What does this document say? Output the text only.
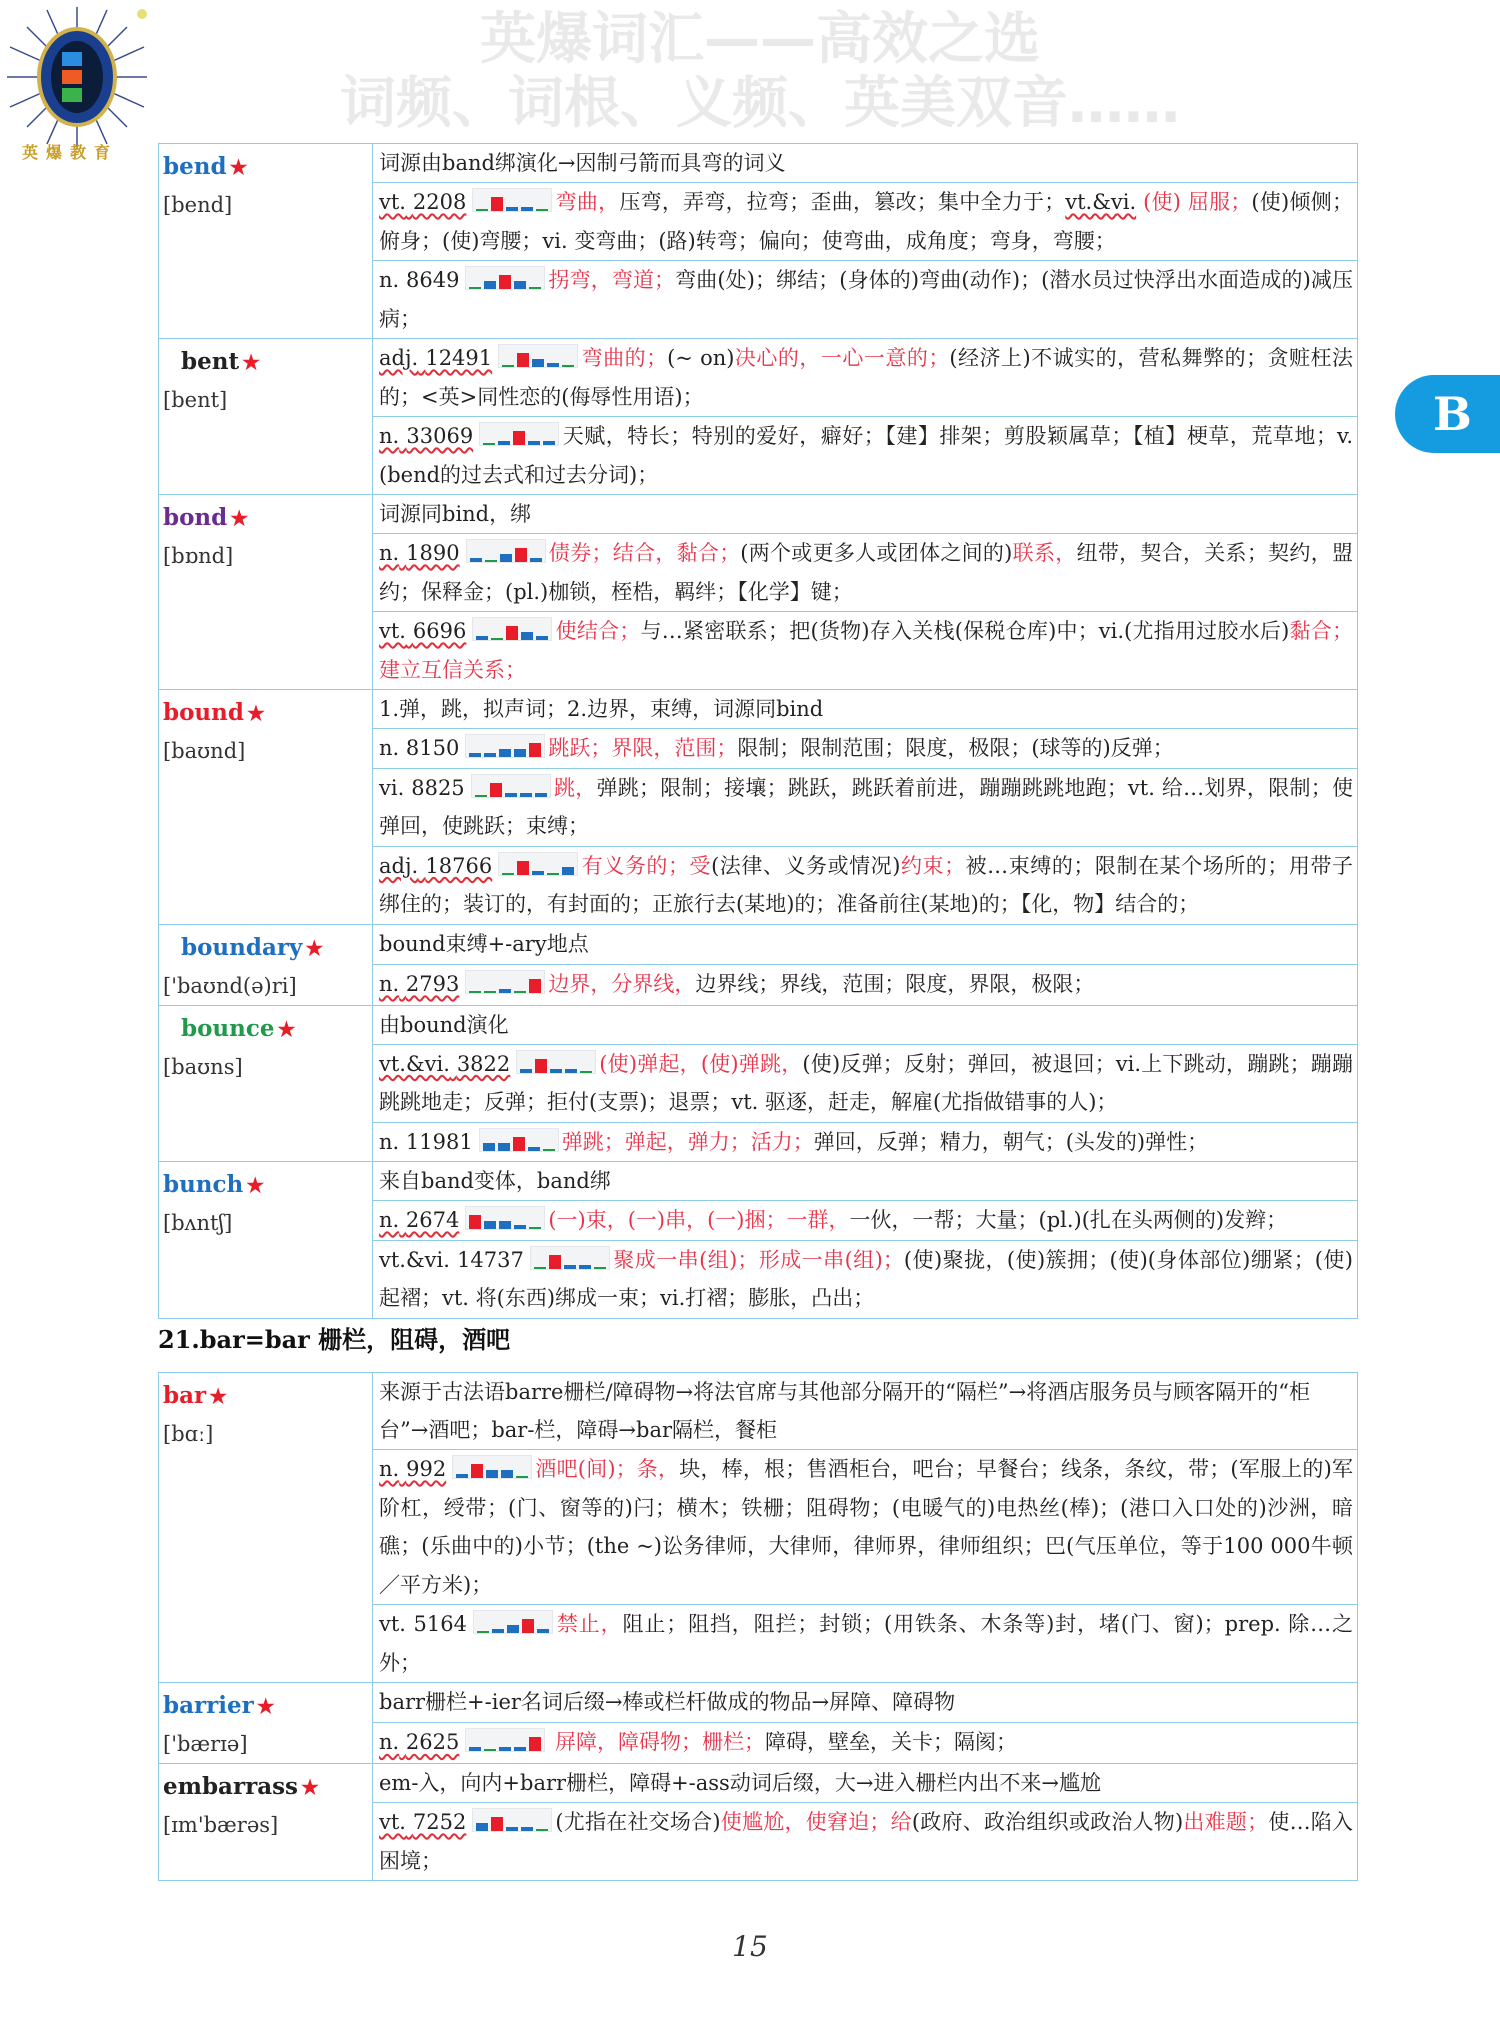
英爆教育
英爆词汇——高效之选
词频、词根、义频、英美双音……
B
bend ★
[bend]	词源由band绑演化→因制弓箭而具弯的词义
	vt. 2208 弯曲，压弯，弄弯，拉弯；歪曲，篡改；集中全力于；vt.&vi. (使) 屈服；(使)倾侧；俯身；(使)弯腰；vi. 变弯曲；(路)转弯；偏向；使弯曲，成角度；弯身，弯腰；
	n. 8649 拐弯，弯道；弯曲(处)；绑结；(身体的)弯曲(动作)；(潜水员过快浮出水面造成的)减压病；

bent ★
[bent]
	adj. 12491	弯曲的；(~ on)决心的，一心一意的；(经济上)不诚实的，营私舞弊的；贪赃枉法的；<英>同性恋的(侮辱性用语)；
	n. 33069 天赋，特长；特别的爱好，癖好；【建】排架；剪股颖属草；【植】梗草，荒草地；v. (bend的过去式和过去分词)；

bond ★
[bɒnd]	词源同bind，绑
	n. 1890 债券；结合，黏合；(两个或更多人或团体之间的)联系，纽带，契合，关系；契约，盟约；保释金；(pl.)枷锁，桎梏，羁绊；【化学】键；
	vt. 6696 使结合；与…紧密联系；把(货物)存入关栈(保税仓库)中；vi.(尤指用过胶水后)黏合；建立互信关系；

bound ★
[baʊnd]	1.弹，跳，拟声词；2.边界，束缚，词源同bind
	n. 8150 跳跃；界限，范围；限制；限制范围；限度，极限；(球等的)反弹；
	vi. 8825 跳，弹跳；限制；接壤；跳跃，跳跃着前进，蹦蹦跳跳地跑；vt. 给…划界，限制；使弹回，使跳跃；束缚；
	adj. 18766 有义务的；受(法律、义务或情况)约束；被…束缚的；限制在某个场所的；用带子绑住的；装订的，有封面的；正旅行去(某地)的；准备前往(某地)的；【化，物】结合的；

boundary ★
['baʊnd(ə)ri]	bound束缚+-ary地点
	n. 2793 边界，分界线，边界线；界线，范围；限度，界限，极限；

bounce ★
[baʊns]	由bound演化
	vt.&vi. 3822 (使)弹起，(使)弹跳，(使)反弹；反射；弹回，被退回；vi.上下跳动，蹦跳；蹦蹦跳跳地走；反弹；拒付(支票)；退票；vt. 驱逐，赶走，解雇(尤指做错事的人)；
	n. 11981 弹跳；弹起，弹力；活力；弹回，反弹；精力，朝气；(头发的)弹性；

bunch ★
[bʌntʃ]	来自band变体，band绑
	n. 2674 (一)束，(一)串，(一)捆；一群，一伙，一帮；大量；(pl.)(扎在头两侧的)发辫；
	vt.&vi. 14737 聚成一串(组)；形成一串(组)；(使)聚拢，(使)簇拥；(使)(身体部位)绷紧；(使)起褶；vt. 将(东西)绑成一束；vi.打褶；膨胀，凸出；
21.bar=bar 栅栏，阻碍，酒吧
bar ★
[bɑː]	来源于古法语barre栅栏/障碍物→将法官席与其他部分隔开的“隔栏”→将酒店服务员与顾客隔开的“柜台”→酒吧；bar-栏，障碍→bar隔栏，餐柜
	n. 992 酒吧(间)；条，块，棒，根；售酒柜台，吧台；早餐台；线条，条纹，带；(军服上的)军阶杠，绶带；(门、窗等的)闩；横木；铁栅；阻碍物；(电暖气的)电热丝(棒)；(港口入口处的)沙洲，暗礁；(乐曲中的)小节；(the ~)讼务律师，大律师，律师界，律师组织；巴(气压单位，等于100 000牛顿／平方米)；
	vt. 5164 禁止，阻止；阻挡，阻拦；封锁；(用铁条、木条等)封，堵(门、窗)；prep. 除…之外；

barrier ★
['bærɪə]	barr栅栏+-ier名词后缀→棒或栏杆做成的物品→屏障、障碍物
	n. 2625 屏障，障碍物；栅栏；障碍，壁垒，关卡；隔阂；

embarrass ★
[ɪm'bærəs]	em-入，向内+barr栅栏，障碍+-ass动词后缀，大→进入栅栏内出不来→尴尬
	vt. 7252 (尤指在社交场合)使尴尬，使窘迫；给(政府、政治组织或政治人物)出难题；使…陷入困境；
15
